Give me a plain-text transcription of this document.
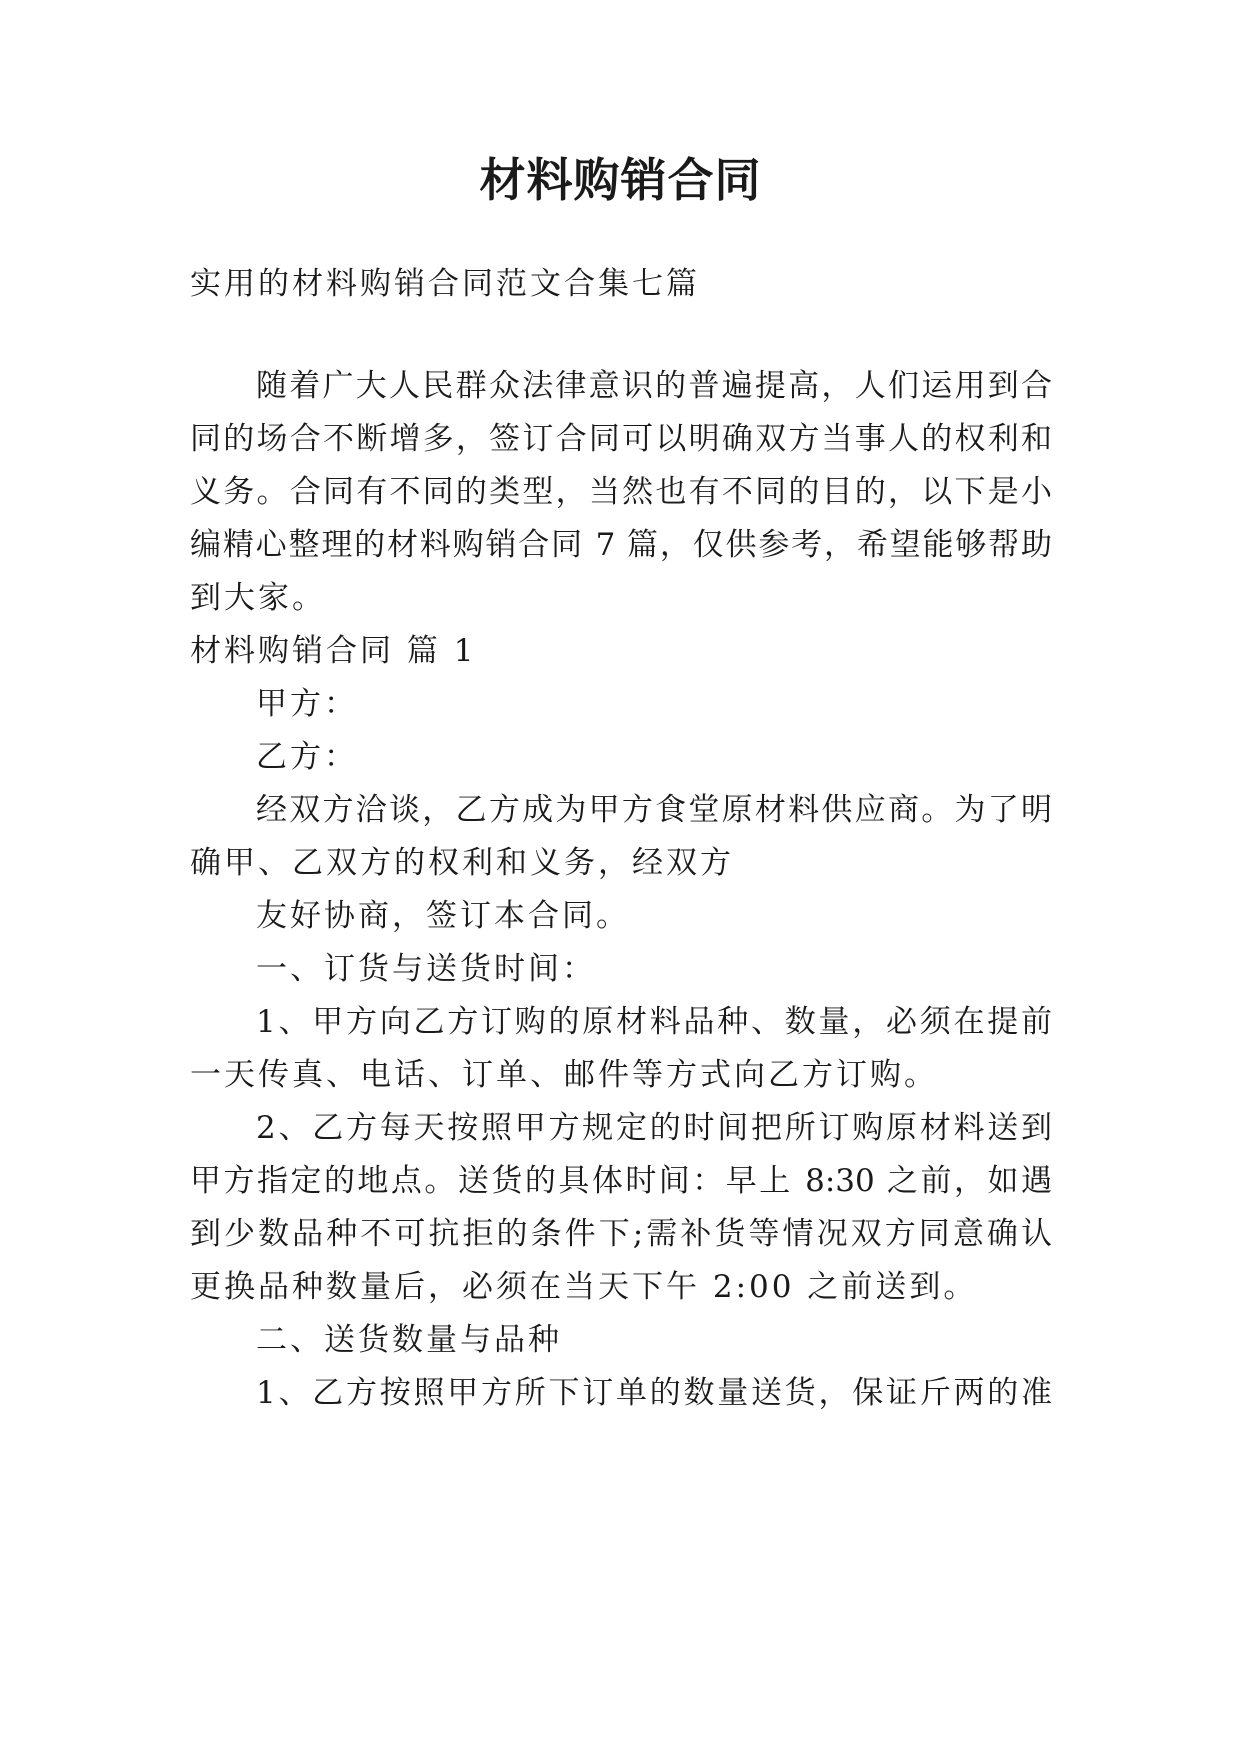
材料购销合同

实用的材料购销合同范文合集七篇

随着广大人民群众法律意识的普遍提高，人们运用到合

同的场合不断增多，签订合同可以明确双方当事人的权利和

义务。合同有不同的类型，当然也有不同的目的，以下是小

编精心整理的材料购销合同 7 篇，仅供参考，希望能够帮助

到大家。

材料购销合同 篇 1

甲方：

乙方：

经双方洽谈，乙方成为甲方食堂原材料供应商。为了明

确甲、乙双方的权利和义务，经双方

友好协商，签订本合同。

一、订货与送货时间：

1、甲方向乙方订购的原材料品种、数量，必须在提前

一天传真、电话、订单、邮件等方式向乙方订购。

2、乙方每天按照甲方规定的时间把所订购原材料送到

甲方指定的地点。送货的具体时间：早上 8:30 之前，如遇

到少数品种不可抗拒的条件下;需补货等情况双方同意确认

更换品种数量后，必须在当天下午 2:00 之前送到。

二、送货数量与品种

1、乙方按照甲方所下订单的数量送货，保证斤两的准
